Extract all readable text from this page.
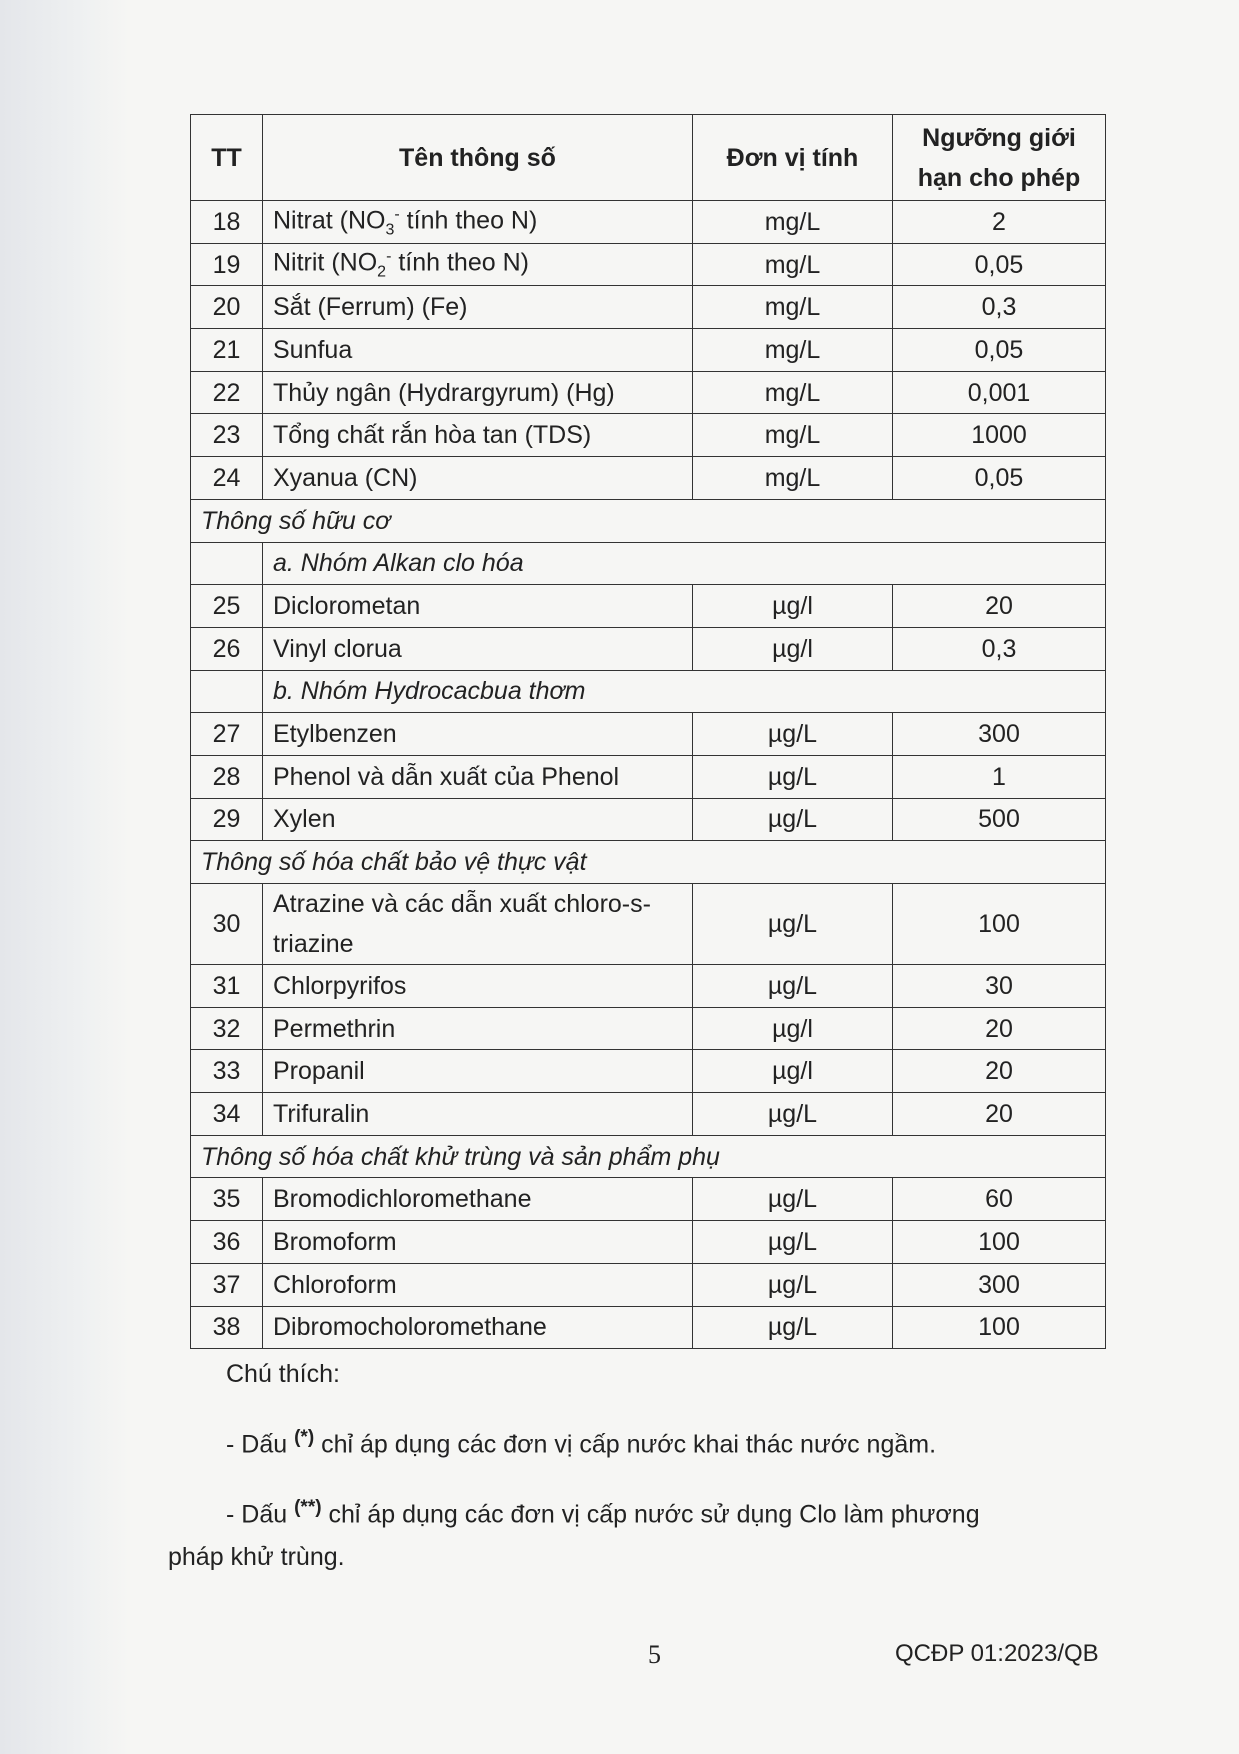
TT	Tên thông số	Đơn vị tính	Ngưỡng giới
hạn cho phép
18	Nitrat ($NO_3^-$ tính theo N)	mg/L	2
19	Nitrit ($NO_2^-$ tính theo N)	mg/L	0,05
20	Sắt (Ferrum) (Fe)	mg/L	0,3
21	Sunfua	mg/L	0,05
22	Thủy ngân (Hydrargyrum) (Hg)	mg/L	0,001
23	Tổng chất rắn hòa tan (TDS)	mg/L	1000
24	Xyanua (CN)	mg/L	0,05
Thông số hữu cơ			
	a. Nhóm Alkan clo hóa		
25	Diclorometan	µg/l	20
26	Vinyl clorua	µg/l	0,3
	b. Nhóm Hydrocacbua thơm		
27	Etylbenzen	µg/L	300
28	Phenol và dẫn xuất của Phenol	µg/L	1
29	Xylen	µg/L	500
Thông số hóa chất bảo vệ thực vật			
30	Atrazine và các dẫn xuất chloro-s-
triazine	µg/L	100
31	Chlorpyrifos	µg/L	30
32	Permethrin	µg/l	20
33	Propanil	µg/l	20
34	Trifuralin	µg/L	20
Thông số hóa chất khử trùng và sản phẩm phụ			
35	Bromodichloromethane	µg/L	60
36	Bromoform	µg/L	100
37	Chloroform	µg/L	300
38	Dibromocholoromethane	µg/L	100

Chú thích:

- Dấu (*) chỉ áp dụng các đơn vị cấp nước khai thác nước ngầm.

- Dấu (**) chỉ áp dụng các đơn vị cấp nước sử dụng Clo làm phương

pháp khử trùng.

5	QCĐP 01:2023/QB
